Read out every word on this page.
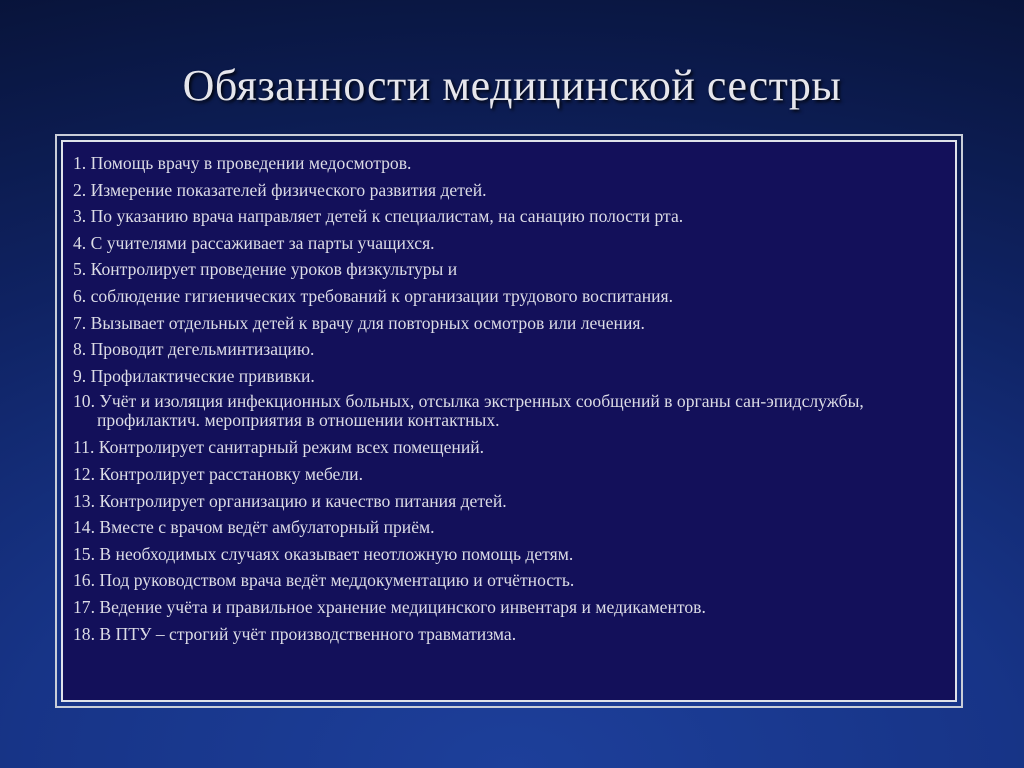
Обязанности медицинской сестры
1. Помощь врачу в проведении медосмотров.
2. Измерение показателей физического развития детей.
3. По указанию врача направляет детей к специалистам, на санацию полости рта.
4. С учителями рассаживает за парты учащихся.
5. Контролирует проведение уроков физкультуры и
6. соблюдение гигиенических требований к организации трудового воспитания.
7. Вызывает отдельных детей к врачу для повторных осмотров или лечения.
8. Проводит дегельминтизацию.
9. Профилактические прививки.
10. Учёт и изоляция инфекционных больных, отсылка экстренных сообщений в органы сан-эпидслужбы, профилактич. мероприятия в отношении контактных.
11. Контролирует санитарный режим всех помещений.
12. Контролирует расстановку мебели.
13. Контролирует организацию и качество питания детей.
14. Вместе с врачом ведёт амбулаторный приём.
15. В необходимых случаях оказывает неотложную помощь детям.
16. Под руководством врача ведёт меддокументацию и отчётность.
17. Ведение учёта и правильное хранение медицинского инвентаря и медикаментов.
18. В ПТУ – строгий учёт производственного травматизма.
